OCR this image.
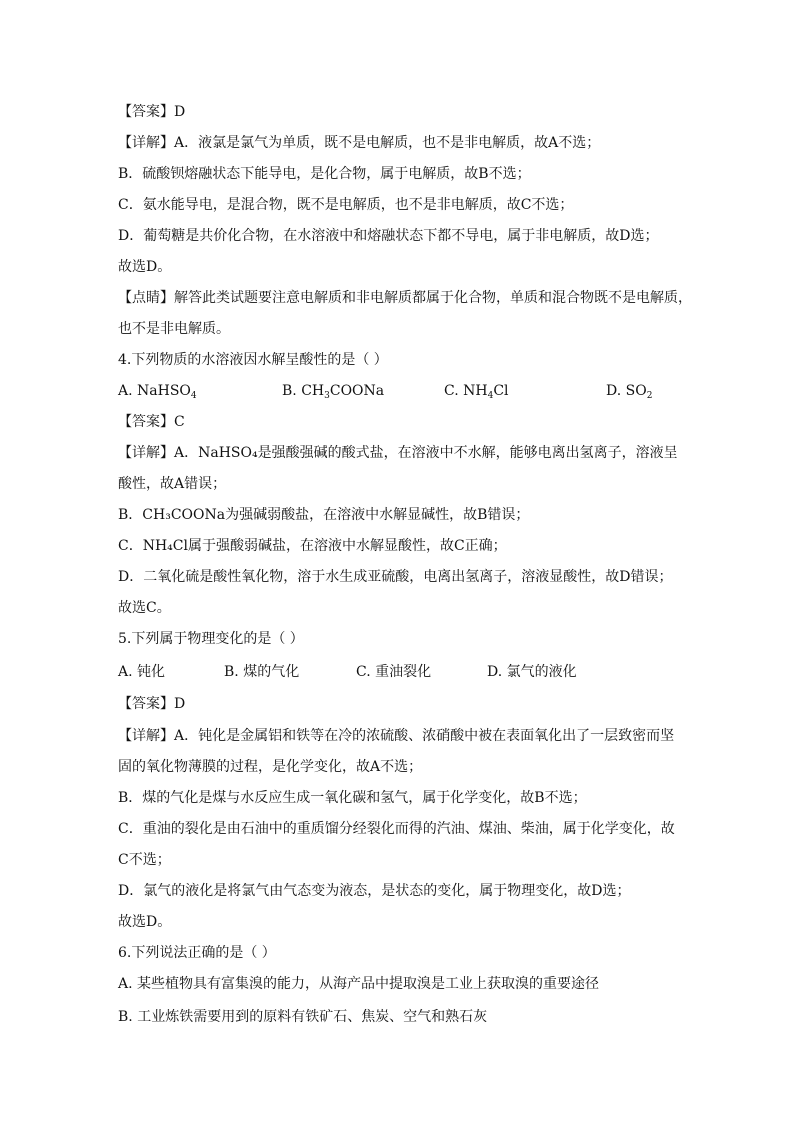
【答案】D
【详解】A．液氯是氯气为单质，既不是电解质，也不是非电解质，故A不选；
B．硫酸钡熔融状态下能导电，是化合物，属于电解质，故B不选；
C．氨水能导电，是混合物，既不是电解质，也不是非电解质，故C不选；
D．葡萄糖是共价化合物，在水溶液中和熔融状态下都不导电，属于非电解质，故D选；
故选D。
【点睛】解答此类试题要注意电解质和非电解质都属于化合物，单质和混合物既不是电解质，
也不是非电解质。
4.下列物质的水溶液因水解呈酸性的是（ ）
A. NaHSO$_4$	B. $CH_3COONa$	C. $NH_4Cl$	D. $SO_2$
【答案】C
【详解】A．NaHSO₄是强酸强碱的酸式盐，在溶液中不水解，能够电离出氢离子，溶液呈
酸性，故A错误；
B．CH₃COONa为强碱弱酸盐，在溶液中水解显碱性，故B错误；
C．NH₄Cl属于强酸弱碱盐，在溶液中水解显酸性，故C正确；
D．二氧化硫是酸性氧化物，溶于水生成亚硫酸，电离出氢离子，溶液显酸性，故D错误；
故选C。
5.下列属于物理变化的是（ ）
A. 钝化	B. 煤的气化	C. 重油裂化	D. 氯气的液化
【答案】D
【详解】A．钝化是金属铝和铁等在冷的浓硫酸、浓硝酸中被在表面氧化出了一层致密而坚
固的氧化物薄膜的过程，是化学变化，故A不选；
B．煤的气化是煤与水反应生成一氧化碳和氢气，属于化学变化，故B不选；
C．重油的裂化是由石油中的重质馏分经裂化而得的汽油、煤油、柴油，属于化学变化，故
C不选；
D．氯气的液化是将氯气由气态变为液态，是状态的变化，属于物理变化，故D选；
故选D。
6.下列说法正确的是（ ）
A. 某些植物具有富集溴的能力，从海产品中提取溴是工业上获取溴的重要途径
B. 工业炼铁需要用到的原料有铁矿石、焦炭、空气和熟石灰
